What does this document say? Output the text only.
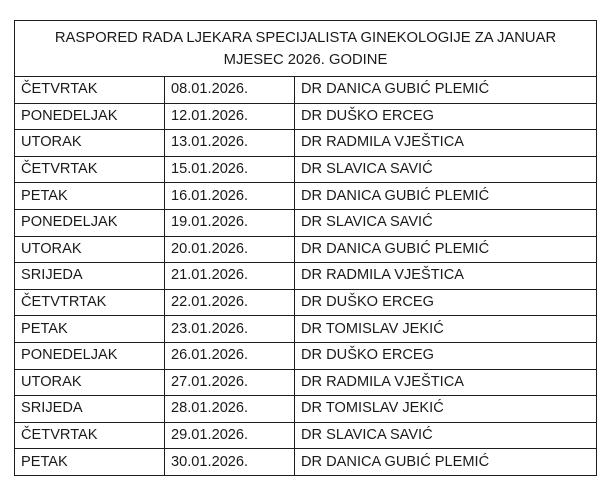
RASPORED RADA LJEKARA SPECIJALISTA GINEKOLOGIJE ZA JANUAR
MJESEC 2026. GODINE		

ČETVRTAK	08.01.2026.	DR DANICA GUBIĆ PLEMIĆ
PONEDELJAK	12.01.2026.	DR DUŠKO ERCEG
UTORAK	13.01.2026.	DR RADMILA VJEŠTICA
ČETVRTAK	15.01.2026.	DR SLAVICA SAVIĆ
PETAK	16.01.2026.	DR DANICA GUBIĆ PLEMIĆ
PONEDELJAK	19.01.2026.	DR SLAVICA SAVIĆ
UTORAK	20.01.2026.	DR DANICA GUBIĆ PLEMIĆ
SRIJEDA	21.01.2026.	DR RADMILA VJEŠTICA
ČETVTRTAK	22.01.2026.	DR DUŠKO ERCEG
PETAK	23.01.2026.	DR TOMISLAV JEKIĆ
PONEDELJAK	26.01.2026.	DR DUŠKO ERCEG
UTORAK	27.01.2026.	DR RADMILA VJEŠTICA
SRIJEDA	28.01.2026.	DR TOMISLAV JEKIĆ
ČETVRTAK	29.01.2026.	DR SLAVICA SAVIĆ
PETAK	30.01.2026.	DR DANICA GUBIĆ PLEMIĆ
